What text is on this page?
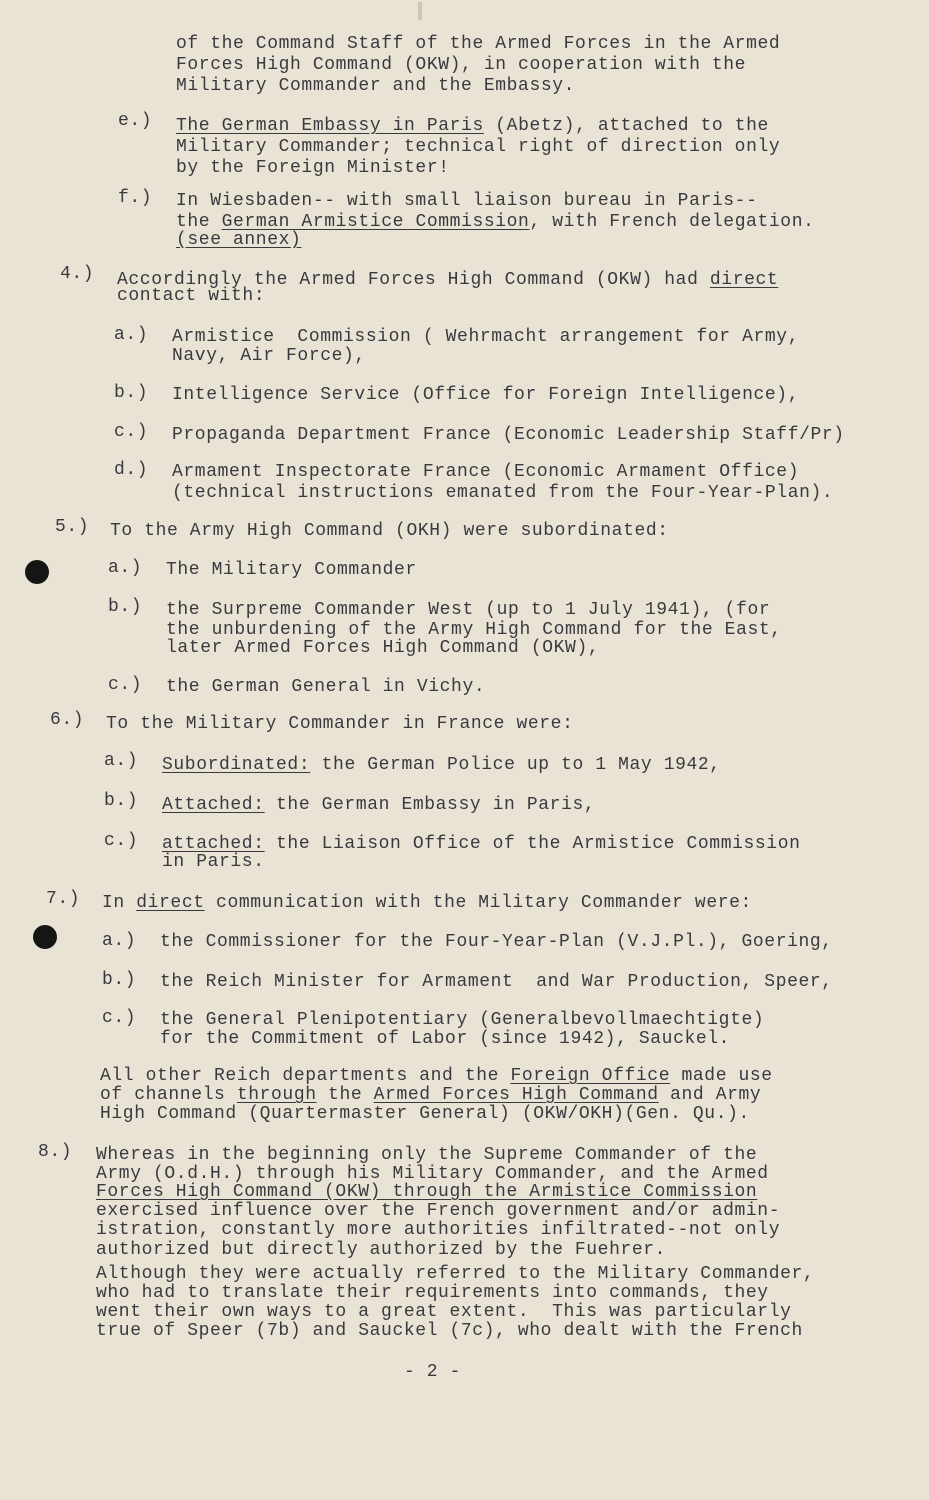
of the Command Staff of the Armed Forces in the Armed
Forces High Command (OKW), in cooperation with the
Military Commander and the Embassy.
e.) The German Embassy in Paris (Abetz), attached to the
Military Commander; technical right of direction only
by the Foreign Minister!
f.) In Wiesbaden-- with small liaison bureau in Paris--
the German Armistice Commission, with French delegation.
(see annex)
4.) Accordingly the Armed Forces High Command (OKW) had direct
contact with:
a.) Armistice  Commission ( Wehrmacht arrangement for Army,
Navy, Air Force),
b.) Intelligence Service (Office for Foreign Intelligence),
c.) Propaganda Department France (Economic Leadership Staff/Pr)
d.) Armament Inspectorate France (Economic Armament Office)
(technical instructions emanated from the Four-Year-Plan).
5.) To the Army High Command (OKH) were subordinated:
a.) The Military Commander
b.) the Surpreme Commander West (up to 1 July 1941), (for
the unburdening of the Army High Command for the East,
later Armed Forces High Command (OKW),
c.) the German General in Vichy.
6.) To the Military Commander in France were:
a.) Subordinated: the German Police up to 1 May 1942,
b.) Attached: the German Embassy in Paris,
c.) attached: the Liaison Office of the Armistice Commission
in Paris.
7.) In direct communication with the Military Commander were:
a.) the Commissioner for the Four-Year-Plan (V.J.Pl.), Goering,
b.) the Reich Minister for Armament  and War Production, Speer,
c.) the General Plenipotentiary (Generalbevollmaechtigte)
for the Commitment of Labor (since 1942), Sauckel.
All other Reich departments and the Foreign Office made use
of channels through the Armed Forces High Command and Army
High Command (Quartermaster General) (OKW/OKH)(Gen. Qu.).
8.) Whereas in the beginning only the Supreme Commander of the
Army (O.d.H.) through his Military Commander, and the Armed
Forces High Command (OKW) through the Armistice Commission
exercised influence over the French government and/or admin-
istration, constantly more authorities infiltrated--not only
authorized but directly authorized by the Fuehrer.
Although they were actually referred to the Military Commander,
who had to translate their requirements into commands, they
went their own ways to a great extent.  This was particularly
true of Speer (7b) and Sauckel (7c), who dealt with the French
- 2 -
